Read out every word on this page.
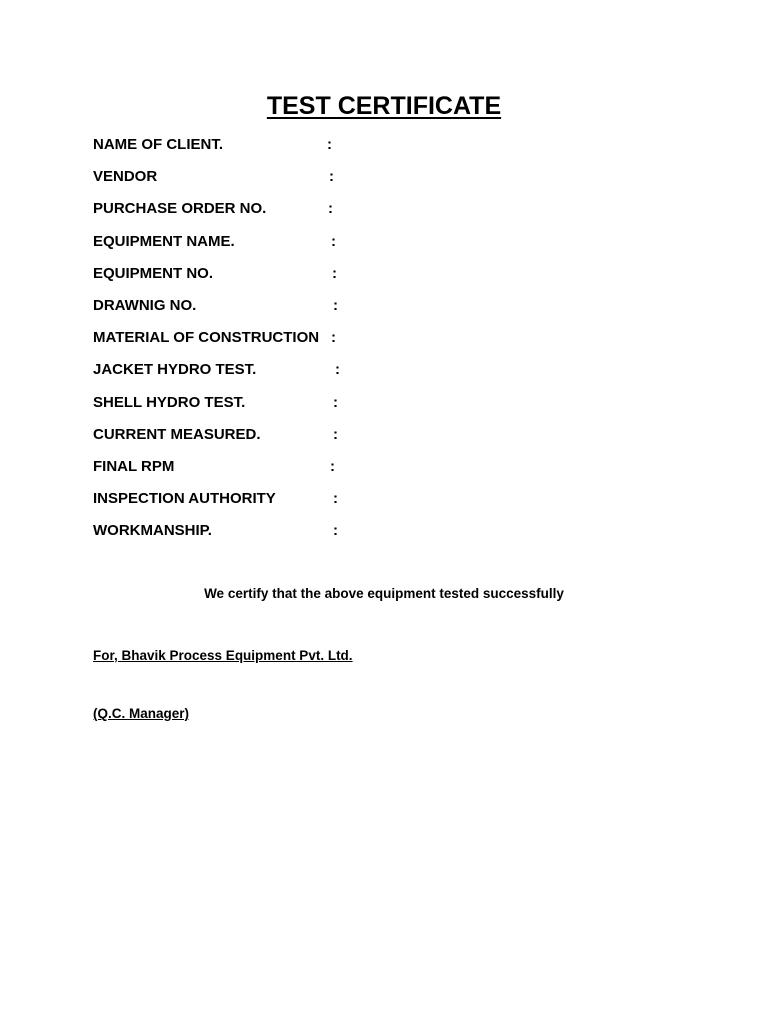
TEST CERTIFICATE
NAME OF CLIENT.	:
VENDOR	:
PURCHASE ORDER NO.	:
EQUIPMENT NAME.	:
EQUIPMENT NO.	:
DRAWNIG NO.	:
MATERIAL OF CONSTRUCTION :
JACKET HYDRO TEST.	:
SHELL HYDRO TEST.	:
CURRENT MEASURED.	:
FINAL RPM	:
INSPECTION AUTHORITY	:
WORKMANSHIP.	:
We certify that the above equipment tested successfully
For, Bhavik Process Equipment Pvt. Ltd.
(Q.C. Manager)
